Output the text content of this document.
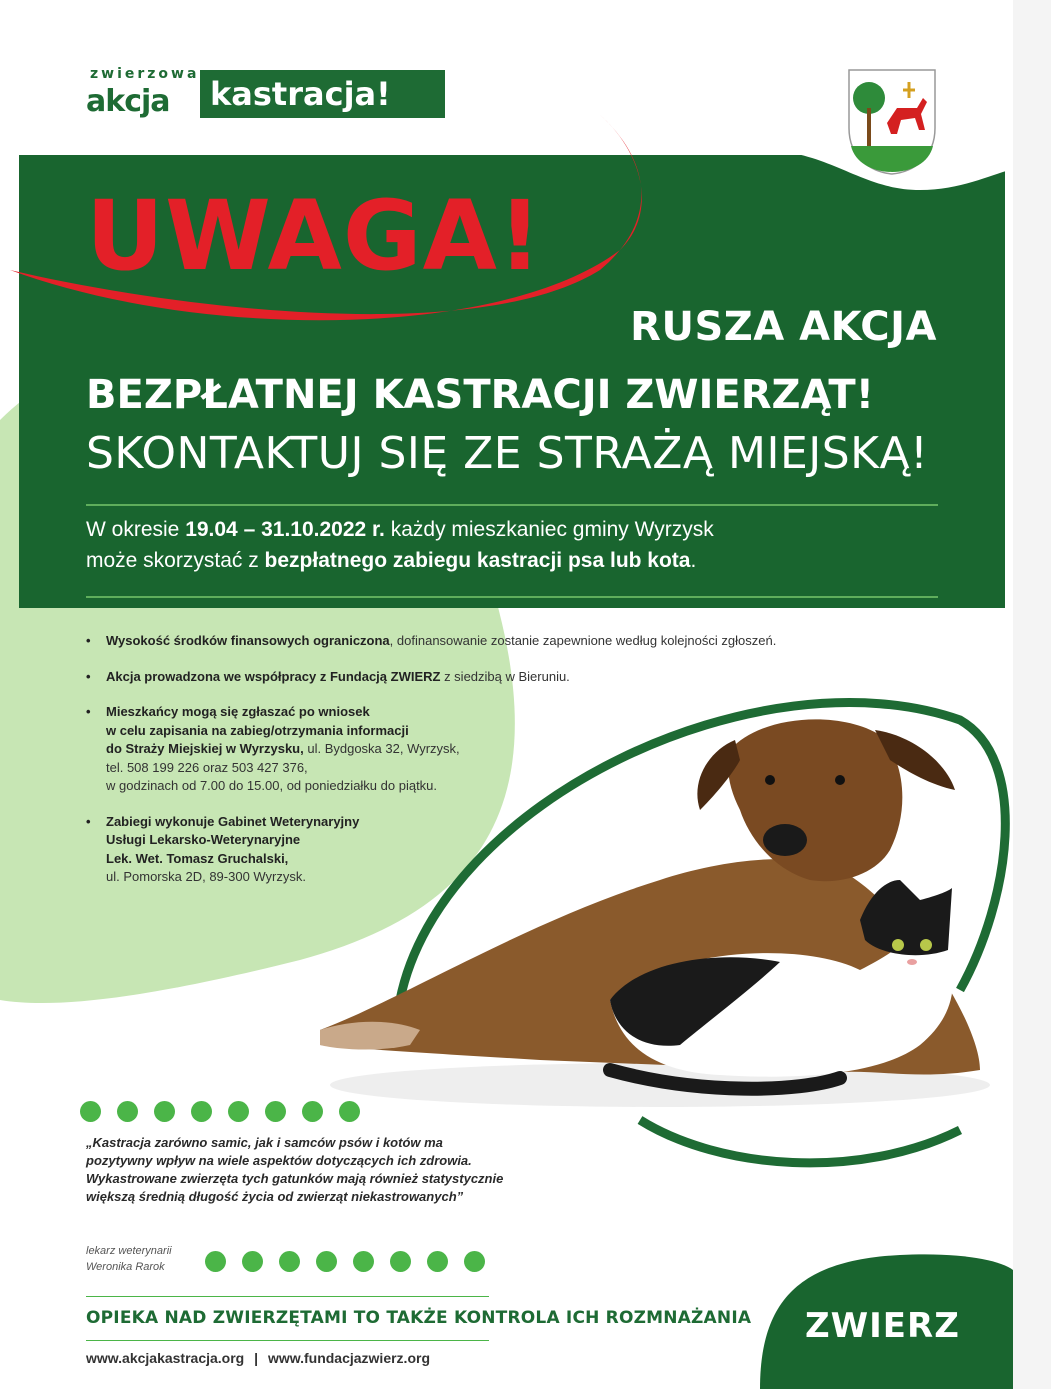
zwierzowa
akcja kastracja!
UWAGA!
RUSZA AKCJA
BEZPŁATNEJ KASTRACJI ZWIERZĄT!
SKONTAKTUJ SIĘ ZE STRAŻĄ MIEJSKĄ!
W okresie 19.04 – 31.10.2022 r. każdy mieszkaniec gminy Wyrzysk
może skorzystać z bezpłatnego zabiegu kastracji psa lub kota.
• Wysokość środków finansowych ograniczona, dofinansowanie zostanie zapewnione według kolejności zgłoszeń.
• Akcja prowadzona we współpracy z Fundacją ZWIERZ z siedzibą w Bieruniu.
• Mieszkańcy mogą się zgłaszać po wniosek
w celu zapisania na zabieg/otrzymania informacji
do Straży Miejskiej w Wyrzysku, ul. Bydgoska 32, Wyrzysk,
tel. 508 199 226 oraz 503 427 376,
w godzinach od 7.00 do 15.00, od poniedziałku do piątku.
• Zabiegi wykonuje Gabinet Weterynaryjny
Usługi Lekarsko-Weterynaryjne
Lek. Wet. Tomasz Gruchalski,
ul. Pomorska 2D, 89-300 Wyrzysk.
„Kastracja zarówno samic, jak i samców psów i kotów ma pozytywny wpływ na wiele aspektów dotyczących ich zdrowia. Wykastrowane zwierzęta tych gatunków mają również statystycznie większą średnią długość życia od zwierząt niekastrowanych”
lekarz weterynarii
Weronika Rarok
OPIEKA NAD ZWIERZĘTAMI TO TAKŻE KONTROLA ICH ROZMNAŻANIA
www.akcjakastracja.org | www.fundacjazwierz.org
ZWIERZ
